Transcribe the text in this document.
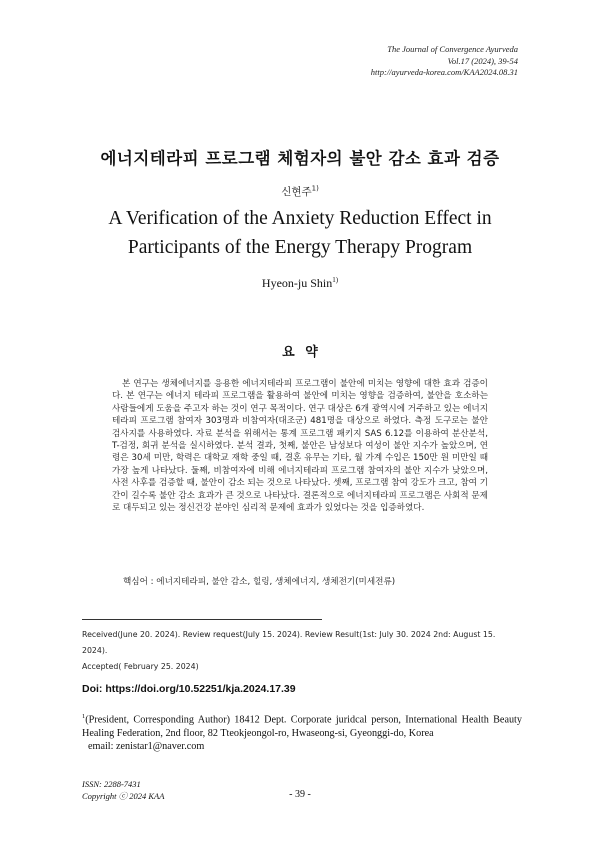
The Journal of Convergence Ayurveda
Vol.17 (2024), 39-54
http://ayurveda-korea.com/KAA2024.08.31
에너지테라피 프로그램 체험자의 불안 감소 효과 검증
신현주$^{1)}$
A Verification of the Anxiety Reduction Effect in
Participants of the Energy Therapy Program
Hyeon-ju Shin$^{1)}$
요 약

본 연구는 생체에너지를 응용한 에너지테라피 프로그램이 불안에 미치는 영향에 대한 효과 검증이다. 본 연구는 에너지 테라피 프로그램을 활용하여 불안에 미치는 영향을 검증하여, 불안을 호소하는 사람들에게 도움을 주고자 하는 것이 연구 목적이다. 연구 대상은 6개 광역시에 거주하고 있는 에너지테라피 프로그램 참여자 303명과 비참여자(대조군) 481명을 대상으로 하였다. 측정 도구로는 불안 검사지를 사용하였다. 자료 분석을 위해서는 통계 프로그램 패키지 SAS 6.12를 이용하여 분산분석, T-검정, 회귀 분석을 실시하였다. 분석 결과, 첫째, 불안은 남성보다 여성이 불안 지수가 높았으며, 연령은 30세 미만, 학력은 대학교 재학 중일 때, 결혼 유무는 기타, 월 가계 수입은 150만 원 미만일 때 가장 높게 나타났다. 둘째, 비참여자에 비해 에너지테라피 프로그램 참여자의 불안 지수가 낮았으며, 사전 사후를 검증할 때, 불안이 감소 되는 것으로 나타났다. 셋째, 프로그램 참여 강도가 크고, 참여 기간이 길수록 불안 감소 효과가 큰 것으로 나타났다. 결론적으로 에너지테라피 프로그램은 사회적 문제로 대두되고 있는 정신건강 분야인 심리적 문제에 효과가 있었다는 것을 입증하였다.

핵심어 : 에너지테라피, 불안 감소, 힐링, 생체에너지, 생체전기(미세전류)
Received(June 20. 2024). Review request(July 15. 2024). Review Result(1st: July 30. 2024 2nd: August 15. 2024).
Accepted( February 25. 2024)
Doi: https://doi.org/10.52251/kja.2024.17.39

$^1$(President, Corresponding Author) 18412 Dept. Corporate juridcal person, International Health Beauty Healing Federation, 2nd floor, 82 Tteokjeongol-ro, Hwaseong-si, Gyeonggi-do, Korea
email: zenistar1@naver.com

ISSN: 2288-7431
Copyright ⓒ 2024 KAA	- 39 -
